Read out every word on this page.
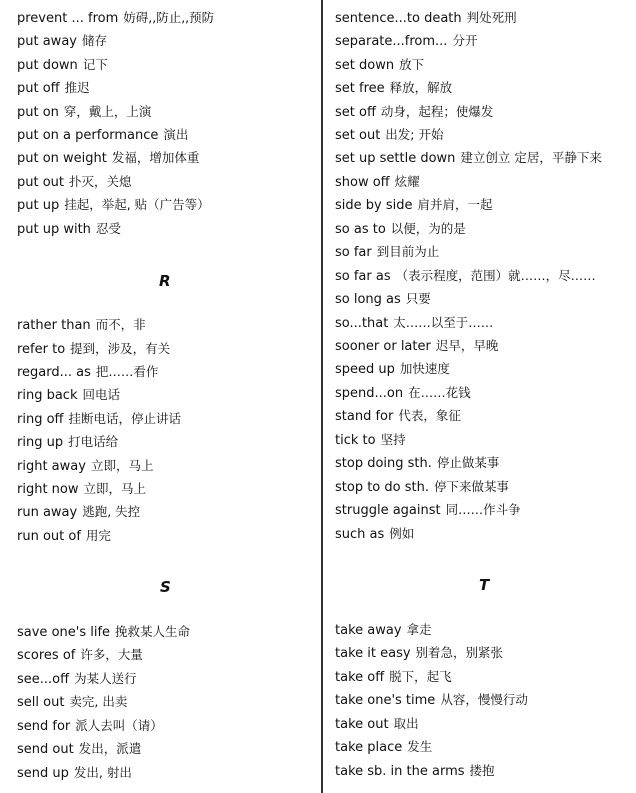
prevent ... from 妨碍,,防止,,预防
put away 储存
put down 记下
put off 推迟
put on 穿，戴上，上演
put on a performance 演出
put on weight 发福，增加体重
put out 扑灭，关熄
put up 挂起，举起, 贴（广告等）
put up with 忍受
R
rather than 而不，非
refer to 提到，涉及，有关
regard... as 把……看作
ring back 回电话
ring off 挂断电话，停止讲话
ring up 打电话给
right away 立即，马上
right now 立即，马上
run away 逃跑, 失控
run out of 用完
S
save one's life 挽救某人生命
scores of 许多，大量
see...off 为某人送行
sell out 卖完, 出卖
send for 派人去叫（请）
send out 发出，派遣
send up 发出, 射出
sentence...to death 判处死刑
separate...from... 分开
set down 放下
set free 释放，解放
set off 动身，起程；使爆发
set out 出发; 开始
set up settle down 建立创立 定居，平静下来
show off 炫耀
side by side 肩并肩，一起
so as to 以便，为的是
so far 到目前为止
so far as （表示程度，范围）就……，尽……
so long as 只要
so...that 太……以至于……
sooner or later 迟早，早晚
speed up 加快速度
spend...on 在……花钱
stand for 代表，象征
tick to 坚持
stop doing sth. 停止做某事
stop to do sth. 停下来做某事
struggle against 同……作斗争
such as 例如
T
take away 拿走
take it easy 别着急，别紧张
take off 脱下，起飞
take one's time 从容，慢慢行动
take out 取出
take place 发生
take sb. in the arms 搂抱
